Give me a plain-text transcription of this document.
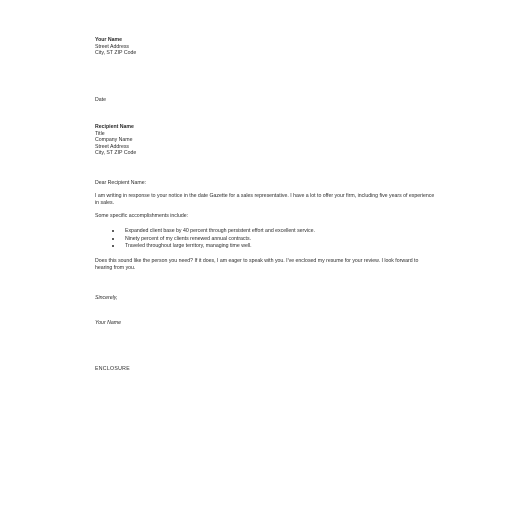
Your Name
Street Address
City, ST ZIP Code
Date
Recipient Name
Title
Company Name
Street Address
City, ST ZIP Code
Dear Recipient Name:
I am writing in response to your notice in the date Gazette for a sales representative. I have a lot to offer your firm, including five years of experience in sales.
Some specific accomplishments include:
Expanded client base by 40 percent through persistent effort and excellent service.
Ninety percent of my clients renewed annual contracts.
Traveled throughout large territory, managing time well.
Does this sound like the person you need? If it does, I am eager to speak with you. I've enclosed my resume for your review. I look forward to hearing from you.
Sincerely,
Your Name
ENCLOSURE
